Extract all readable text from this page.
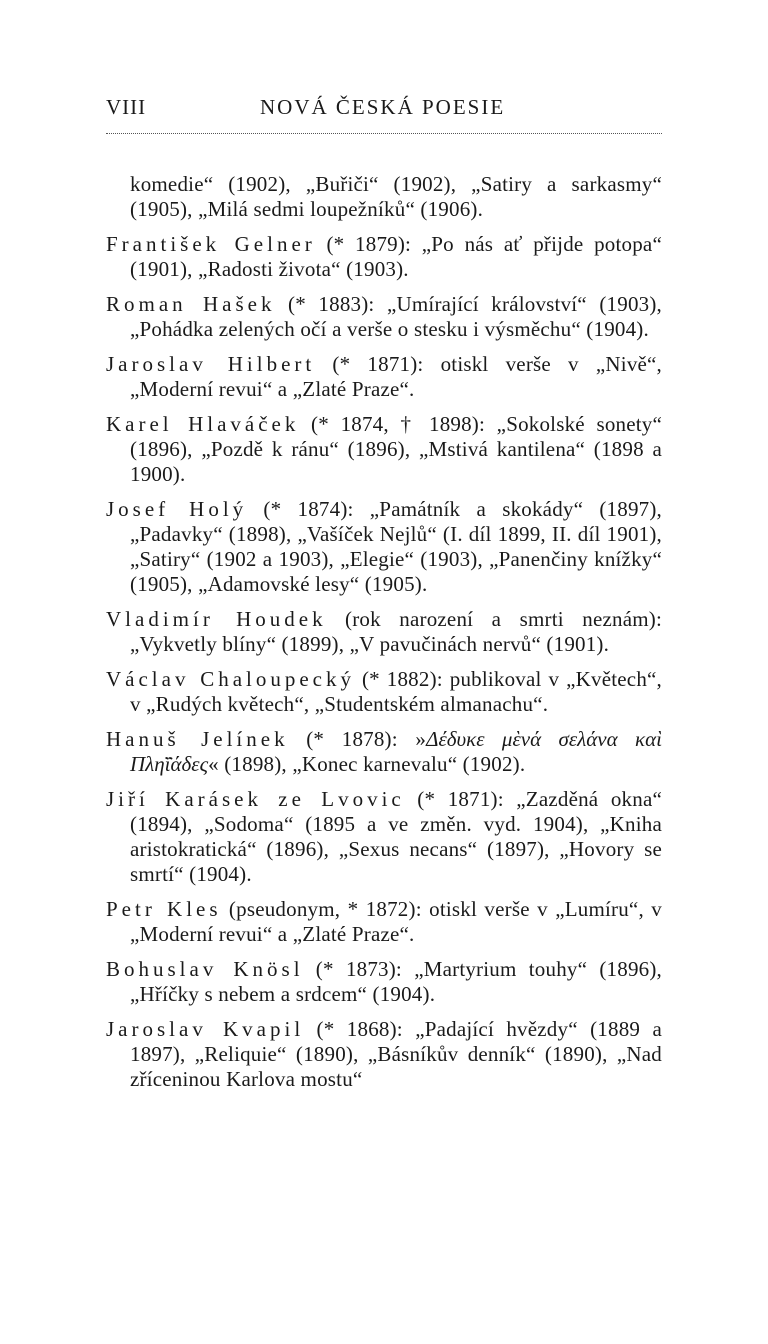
VIII	NOVÁ ČESKÁ POESIE

komedie“ (1902), „Buřiči“ (1902), „Satiry a sarkasmy“ (1905), „Milá sedmi loupežníků“ (1906).

František Gelner (* 1879): „Po nás ať přijde potopa“ (1901), „Radosti života“ (1903).

Roman Hašek (* 1883): „Umírající království“ (1903), „Pohádka zelených očí a verše o stesku i výsměchu“ (1904).

Jaroslav Hilbert (* 1871): otiskl verše v „Nivě“, „Moderní revui“ a „Zlaté Praze“.

Karel Hlaváček (* 1874, † 1898): „Sokolské sonety“ (1896), „Pozdě k ránu“ (1896), „Mstivá kantilena“ (1898 a 1900).

Josef Holý (* 1874): „Památník a skokády“ (1897), „Padavky“ (1898), „Vašíček Nejlů“ (I. díl 1899, II. díl 1901), „Satiry“ (1902 a 1903), „Elegie“ (1903), „Panenčiny knížky“ (1905), „Adamovské lesy“ (1905).

Vladimír Houdek (rok narození a smrti neznám): „Vykvetly blíny“ (1899), „V pavučinách nervů“ (1901).

Václav Chaloupecký (* 1882): publikoval v „Květech“, v „Rudých květech“, „Studentském almanachu“.

Hanuš Jelínek (* 1878): »Δέδυκε μὲνά σελάνα καὶ Πλη̈ϊάδες« (1898), „Konec karnevalu“ (1902).

Jiří Karásek ze Lvovic (* 1871): „Zazděná okna“ (1894), „Sodoma“ (1895 a ve změn. vyd. 1904), „Kniha aristokratická“ (1896), „Sexus necans“ (1897), „Hovory se smrtí“ (1904).

Petr Kles (pseudonym, * 1872): otiskl verše v „Lumíru“, v „Moderní revui“ a „Zlaté Praze“.

Bohuslav Knösl (* 1873): „Martyrium touhy“ (1896), „Hříčky s nebem a srdcem“ (1904).

Jaroslav Kvapil (* 1868): „Padající hvězdy“ (1889 a 1897), „Reliquie“ (1890), „Básníkův denník“ (1890), „Nad zříceninou Karlova mostu“
